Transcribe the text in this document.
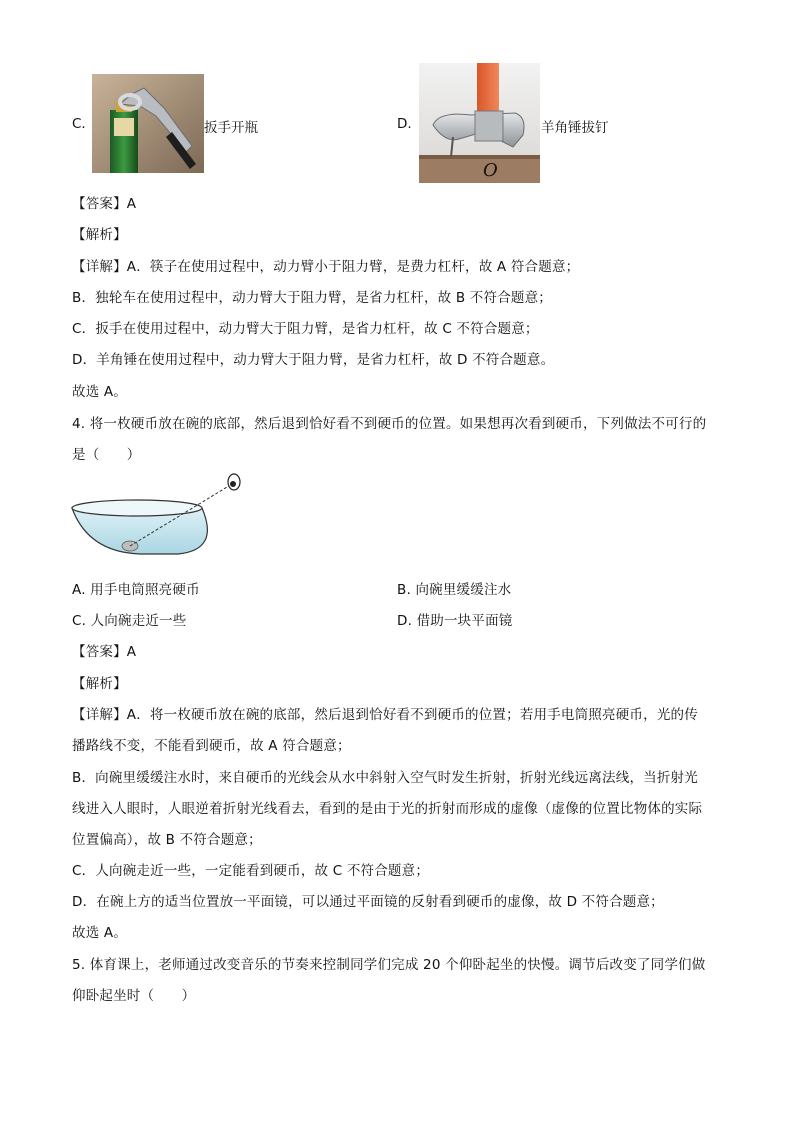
C.	扳手开瓶	D.
O
羊角锤拔钉
【答案】A
【解析】
【详解】A．筷子在使用过程中，动力臂小于阻力臂，是费力杠杆，故 A 符合题意；
B．独轮车在使用过程中，动力臂大于阻力臂，是省力杠杆，故 B 不符合题意；
C．扳手在使用过程中，动力臂大于阻力臂，是省力杠杆，故 C 不符合题意；
D．羊角锤在使用过程中，动力臂大于阻力臂，是省力杠杆，故 D 不符合题意。
故选 A。
4. 将一枚硬币放在碗的底部，然后退到恰好看不到硬币的位置。如果想再次看到硬币，下列做法不可行的
是（　　）
A. 用手电筒照亮硬币	B. 向碗里缓缓注水
C. 人向碗走近一些	D. 借助一块平面镜
【答案】A
【解析】
【详解】A．将一枚硬币放在碗的底部，然后退到恰好看不到硬币的位置；若用手电筒照亮硬币，光的传
播路线不变，不能看到硬币，故 A 符合题意；
B．向碗里缓缓注水时，来自硬币的光线会从水中斜射入空气时发生折射，折射光线远离法线，当折射光
线进入人眼时，人眼逆着折射光线看去，看到的是由于光的折射而形成的虚像（虚像的位置比物体的实际
位置偏高），故 B 不符合题意；
C．人向碗走近一些，一定能看到硬币，故 C 不符合题意；
D．在碗上方的适当位置放一平面镜，可以通过平面镜的反射看到硬币的虚像，故 D 不符合题意；
故选 A。
5. 体育课上，老师通过改变音乐的节奏来控制同学们完成 20 个仰卧起坐的快慢。调节后改变了同学们做
仰卧起坐时（　　）
